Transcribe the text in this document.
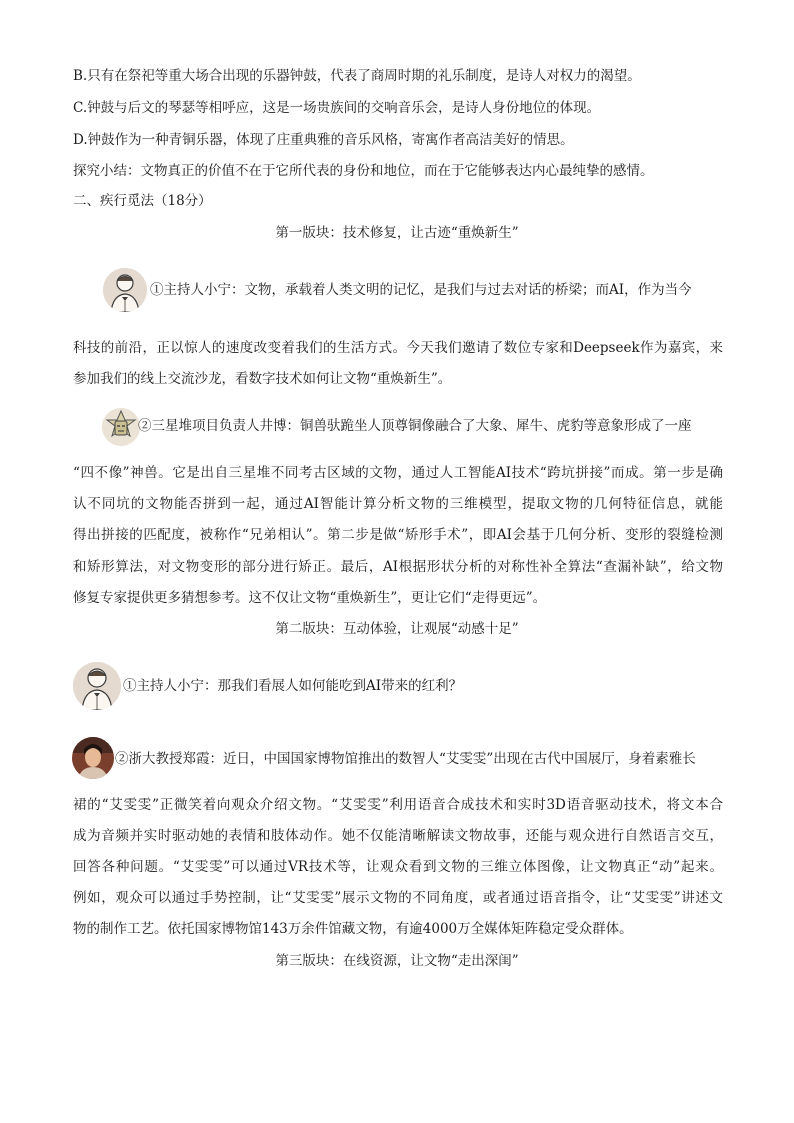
B.只有在祭祀等重大场合出现的乐器钟鼓，代表了商周时期的礼乐制度，是诗人对权力的渴望。
C.钟鼓与后文的琴瑟等相呼应，这是一场贵族间的交响音乐会，是诗人身份地位的体现。
D.钟鼓作为一种青铜乐器，体现了庄重典雅的音乐风格，寄寓作者高洁美好的情思。
探究小结：文物真正的价值不在于它所代表的身份和地位，而在于它能够表达内心最纯挚的感情。
二、疾行觅法（18分）
第一版块：技术修复，让古迹“重焕新生”
①主持人小宁：文物，承载着人类文明的记忆，是我们与过去对话的桥梁；而AI，作为当今
科技的前沿，正以惊人的速度改变着我们的生活方式。今天我们邀请了数位专家和Deepseek作为嘉宾，来
参加我们的线上交流沙龙，看数字技术如何让文物“重焕新生”。
②三星堆项目负责人井博：铜兽驮跪坐人顶尊铜像融合了大象、犀牛、虎豹等意象形成了一座
“四不像”神兽。它是出自三星堆不同考古区域的文物，通过人工智能AI技术“跨坑拼接”而成。第一步是确
认不同坑的文物能否拼到一起，通过AI智能计算分析文物的三维模型，提取文物的几何特征信息，就能
得出拼接的匹配度，被称作“兄弟相认”。第二步是做“矫形手术”，即AI会基于几何分析、变形的裂缝检测
和矫形算法，对文物变形的部分进行矫正。最后，AI根据形状分析的对称性补全算法“查漏补缺”，给文物
修复专家提供更多猜想参考。这不仅让文物“重焕新生”，更让它们“走得更远”。
第二版块：互动体验，让观展“动感十足”
①主持人小宁：那我们看展人如何能吃到AI带来的红利？
②浙大教授郑霞：近日，中国国家博物馆推出的数智人“艾雯雯”出现在古代中国展厅，身着素雅长
裙的“艾雯雯”正微笑着向观众介绍文物。“艾雯雯”利用语音合成技术和实时3D语音驱动技术，将文本合
成为音频并实时驱动她的表情和肢体动作。她不仅能清晰解读文物故事，还能与观众进行自然语言交互，
回答各种问题。“艾雯雯”可以通过VR技术等，让观众看到文物的三维立体图像，让文物真正“动”起来。
例如，观众可以通过手势控制，让“艾雯雯”展示文物的不同角度，或者通过语音指令，让“艾雯雯”讲述文
物的制作工艺。依托国家博物馆143万余件馆藏文物，有逾4000万全媒体矩阵稳定受众群体。
第三版块：在线资源，让文物“走出深闺”
